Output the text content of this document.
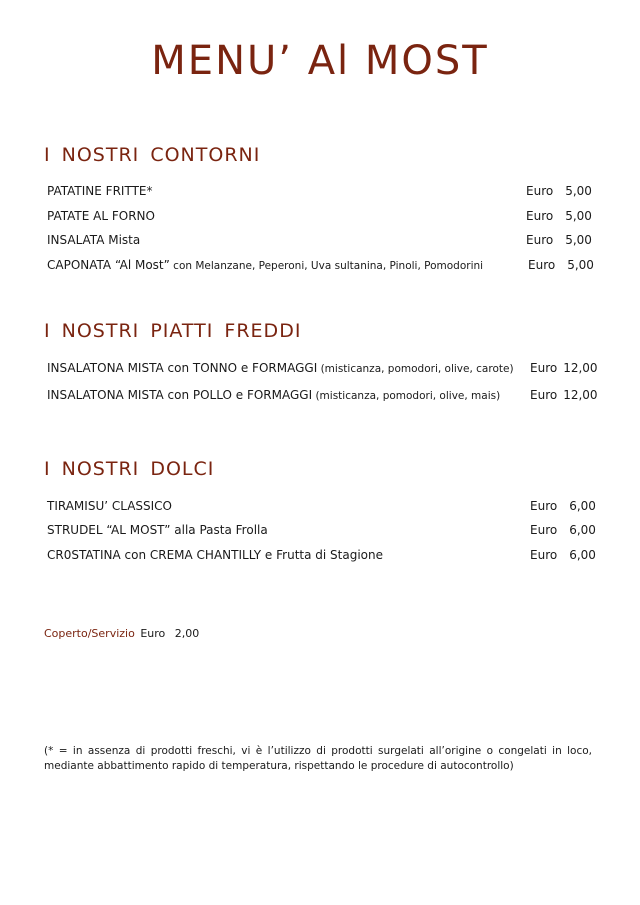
MENU’ Al MOST
I NOSTRI CONTORNI
PATATINE FRITTE*	Euro 5,00
PATATE AL FORNO	Euro 5,00
INSALATA Mista	Euro 5,00
CAPONATA “Al Most” con Melanzane, Peperoni, Uva sultanina, Pinoli, Pomodorini	Euro 5,00
I NOSTRI PIATTI FREDDI
INSALATONA MISTA con TONNO e FORMAGGI (misticanza, pomodori, olive, carote) Euro 12,00
INSALATONA MISTA con POLLO e FORMAGGI (misticanza, pomodori, olive, mais) Euro 12,00
I NOSTRI DOLCI
TIRAMISU’ CLASSICO	Euro 6,00
STRUDEL “AL MOST” alla Pasta Frolla	Euro 6,00
CR0STATINA con CREMA CHANTILLY e Frutta di Stagione	Euro 6,00
Coperto/Servizio Euro 2,00
(* = in assenza di prodotti freschi, vi è l’utilizzo di prodotti surgelati all’origine o congelati in loco, mediante abbattimento rapido di temperatura, rispettando le procedure di autocontrollo)
